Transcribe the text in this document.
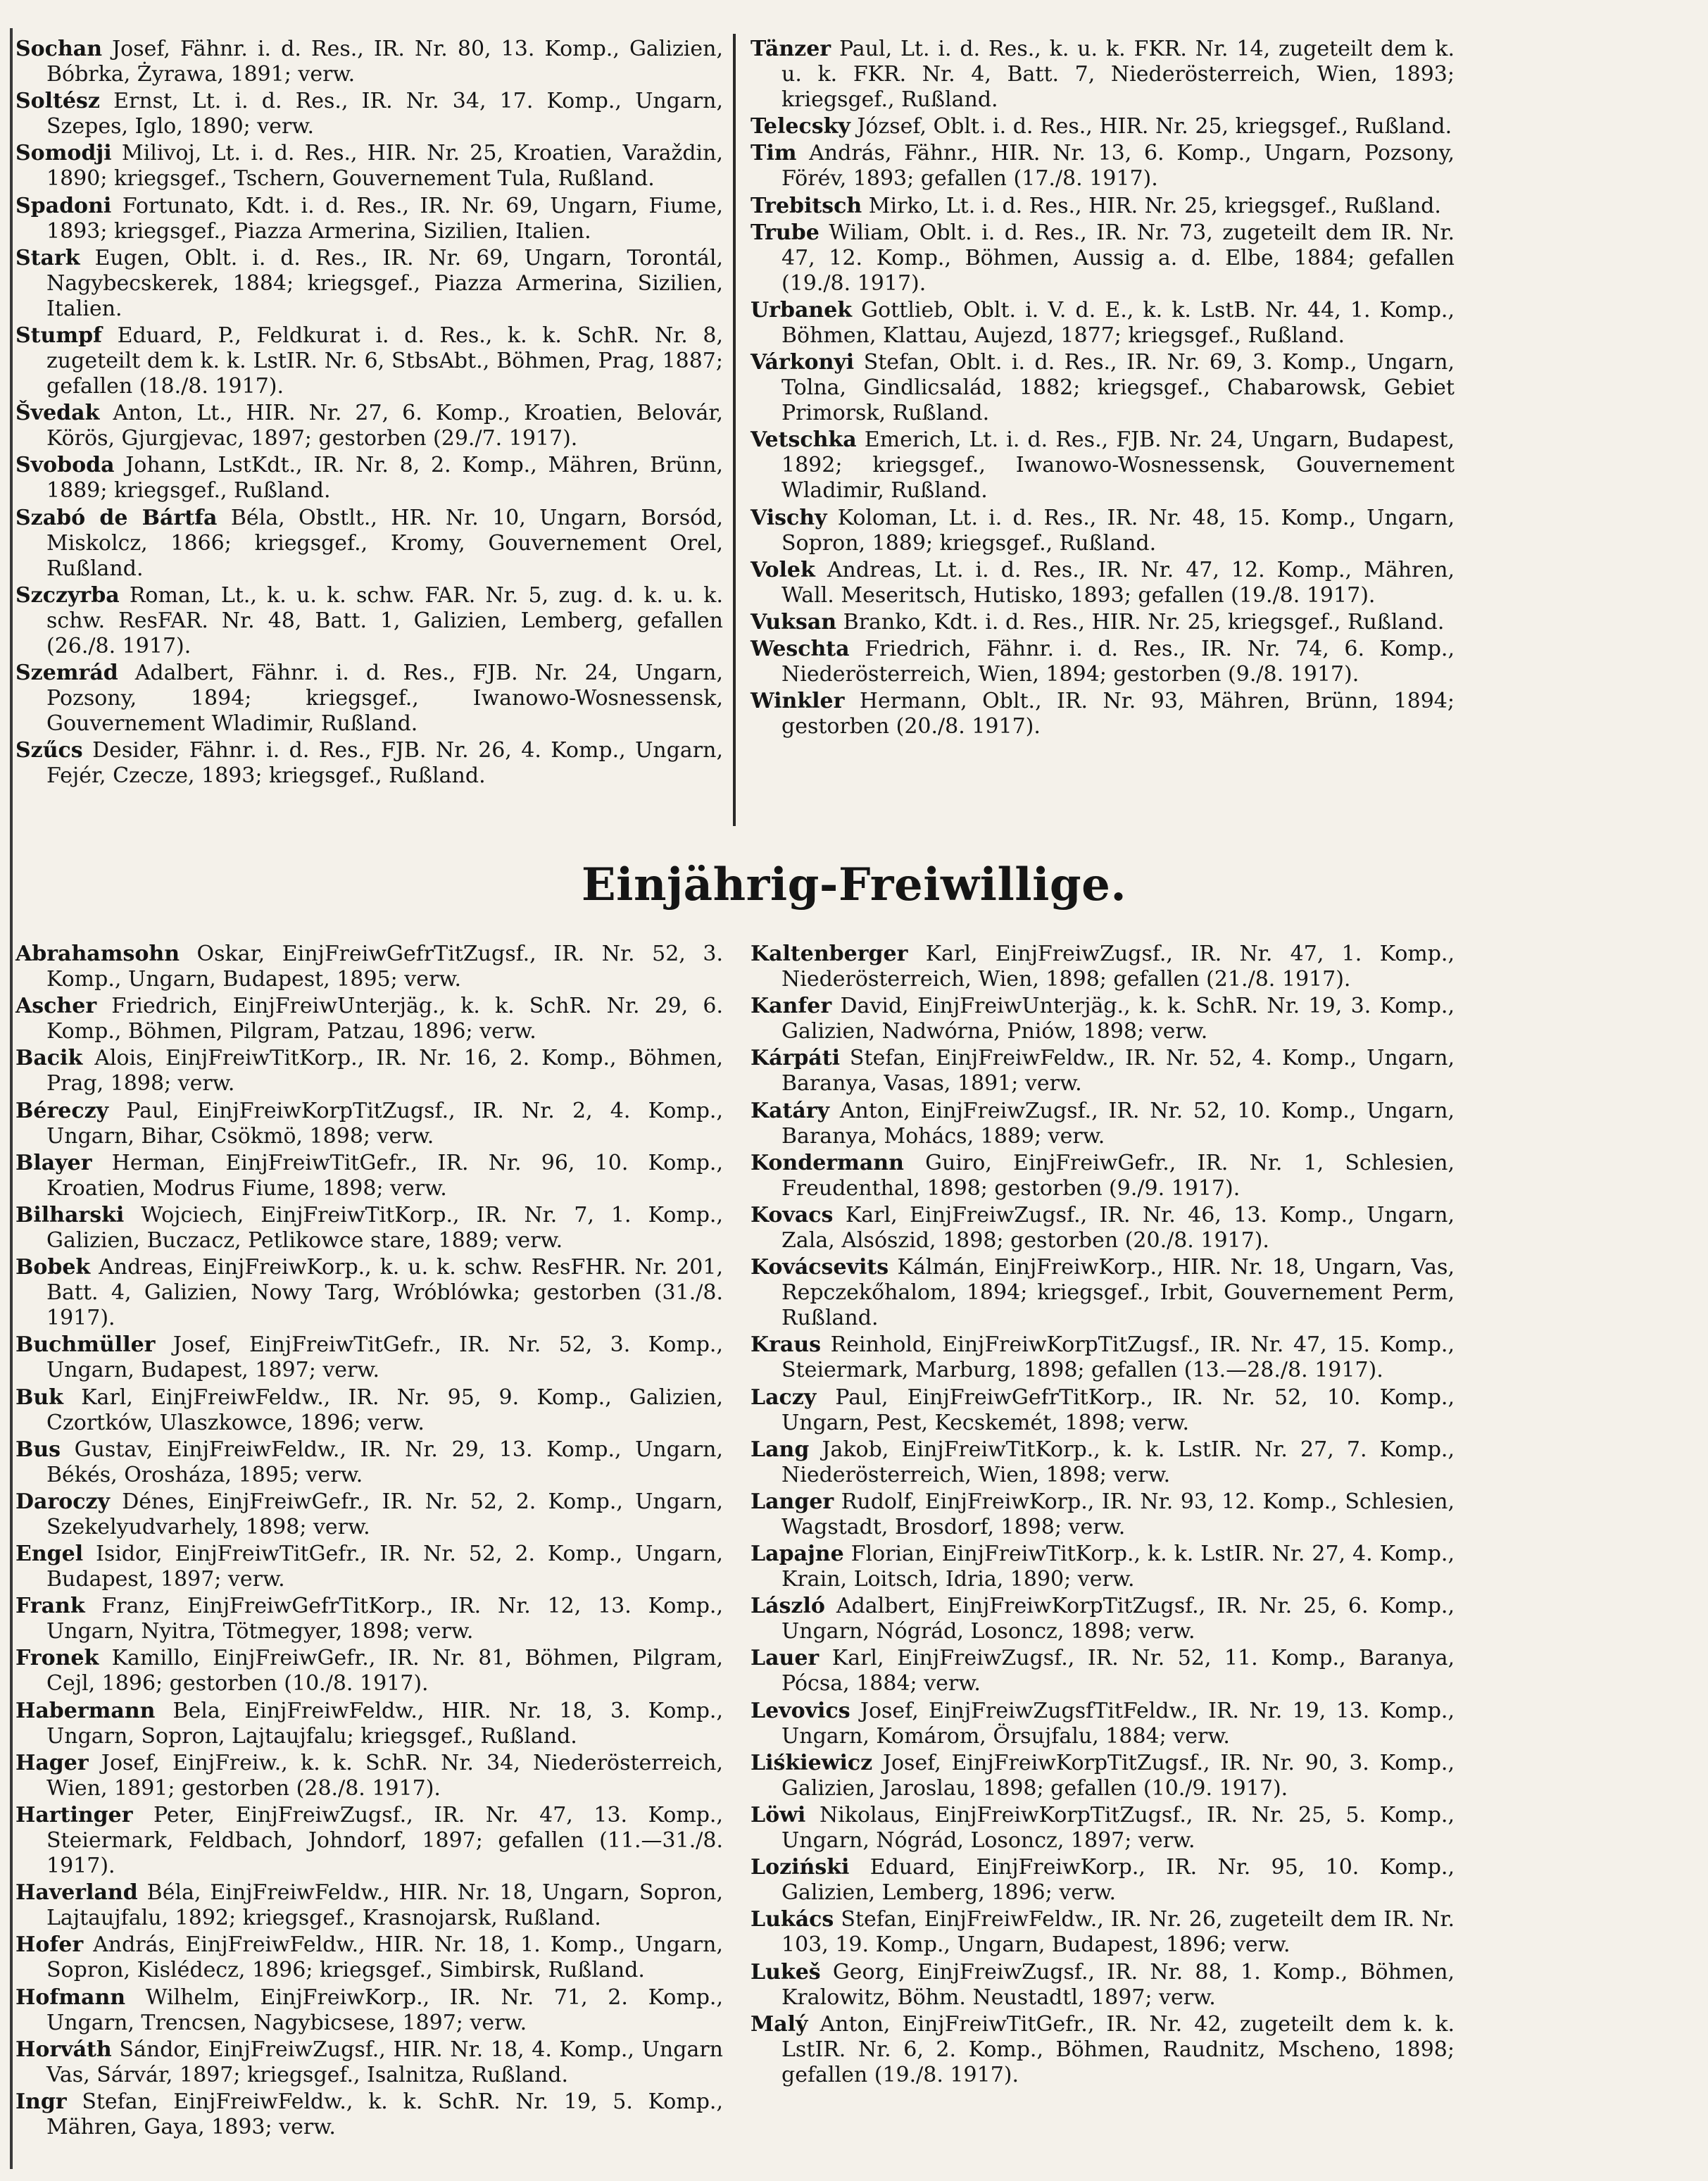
Sochan Josef, Fähnr. i. d. Res., IR. Nr. 80, 13. Komp., Galizien, Bóbrka, Żyrawa, 1891; verw.
Soltész Ernst, Lt. i. d. Res., IR. Nr. 34, 17. Komp., Ungarn, Szepes, Iglo, 1890; verw.
Somodji Milivoj, Lt. i. d. Res., HIR. Nr. 25, Kroatien, Varaždin, 1890; kriegsgef., Tschern, Gouvernement Tula, Rußland.
Spadoni Fortunato, Kdt. i. d. Res., IR. Nr. 69, Ungarn, Fiume, 1893; kriegsgef., Piazza Armerina, Sizilien, Italien.
Stark Eugen, Oblt. i. d. Res., IR. Nr. 69, Ungarn, Torontál, Nagybecskerek, 1884; kriegsgef., Piazza Armerina, Sizilien, Italien.
Stumpf Eduard, P., Feldkurat i. d. Res., k. k. SchR. Nr. 8, zugeteilt dem k. k. LstIR. Nr. 6, StbsAbt., Böhmen, Prag, 1887; gefallen (18./8. 1917).
Švedak Anton, Lt., HIR. Nr. 27, 6. Komp., Kroatien, Belovár, Körös, Gjurgjevac, 1897; gestorben (29./7. 1917).
Svoboda Johann, LstKdt., IR. Nr. 8, 2. Komp., Mähren, Brünn, 1889; kriegsgef., Rußland.
Szabó de Bártfa Béla, Obstlt., HR. Nr. 10, Ungarn, Borsód, Miskolcz, 1866; kriegsgef., Kromy, Gouvernement Orel, Rußland.
Szczyrba Roman, Lt., k. u. k. schw. FAR. Nr. 5, zug. d. k. u. k. schw. ResFAR. Nr. 48, Batt. 1, Galizien, Lemberg, gefallen (26./8. 1917).
Szemrád Adalbert, Fähnr. i. d. Res., FJB. Nr. 24, Ungarn, Pozsony, 1894; kriegsgef., Iwanowo-Wosnessensk, Gouvernement Wladimir, Rußland.
Szűcs Desider, Fähnr. i. d. Res., FJB. Nr. 26, 4. Komp., Ungarn, Fejér, Czecze, 1893; kriegsgef., Rußland.
Tänzer Paul, Lt. i. d. Res., k. u. k. FKR. Nr. 14, zugeteilt dem k. u. k. FKR. Nr. 4, Batt. 7, Niederösterreich, Wien, 1893; kriegsgef., Rußland.
Telecsky József, Oblt. i. d. Res., HIR. Nr. 25, kriegsgef., Rußland.
Tim András, Fähnr., HIR. Nr. 13, 6. Komp., Ungarn, Pozsony, Förév, 1893; gefallen (17./8. 1917).
Trebitsch Mirko, Lt. i. d. Res., HIR. Nr. 25, kriegsgef., Rußland.
Trube Wiliam, Oblt. i. d. Res., IR. Nr. 73, zugeteilt dem IR. Nr. 47, 12. Komp., Böhmen, Aussig a. d. Elbe, 1884; gefallen (19./8. 1917).
Urbanek Gottlieb, Oblt. i. V. d. E., k. k. LstB. Nr. 44, 1. Komp., Böhmen, Klattau, Aujezd, 1877; kriegsgef., Rußland.
Várkonyi Stefan, Oblt. i. d. Res., IR. Nr. 69, 3. Komp., Ungarn, Tolna, Gindlicsalád, 1882; kriegsgef., Chabarowsk, Gebiet Primorsk, Rußland.
Vetschka Emerich, Lt. i. d. Res., FJB. Nr. 24, Ungarn, Budapest, 1892; kriegsgef., Iwanowo-Wosnessensk, Gouvernement Wladimir, Rußland.
Vischy Koloman, Lt. i. d. Res., IR. Nr. 48, 15. Komp., Ungarn, Sopron, 1889; kriegsgef., Rußland.
Volek Andreas, Lt. i. d. Res., IR. Nr. 47, 12. Komp., Mähren, Wall. Meseritsch, Hutisko, 1893; gefallen (19./8. 1917).
Vuksan Branko, Kdt. i. d. Res., HIR. Nr. 25, kriegsgef., Rußland.
Weschta Friedrich, Fähnr. i. d. Res., IR. Nr. 74, 6. Komp., Niederösterreich, Wien, 1894; gestorben (9./8. 1917).
Winkler Hermann, Oblt., IR. Nr. 93, Mähren, Brünn, 1894; gestorben (20./8. 1917).
Einjährig-Freiwillige.
Abrahamsohn Oskar, EinjFreiwGefrTitZugsf., IR. Nr. 52, 3. Komp., Ungarn, Budapest, 1895; verw.
Ascher Friedrich, EinjFreiwUnterjäg., k. k. SchR. Nr. 29, 6. Komp., Böhmen, Pilgram, Patzau, 1896; verw.
Bacik Alois, EinjFreiwTitKorp., IR. Nr. 16, 2. Komp., Böhmen, Prag, 1898; verw.
Béreczy Paul, EinjFreiwKorpTitZugsf., IR. Nr. 2, 4. Komp., Ungarn, Bihar, Csökmö, 1898; verw.
Blayer Herman, EinjFreiwTitGefr., IR. Nr. 96, 10. Komp., Kroatien, Modrus Fiume, 1898; verw.
Bilharski Wojciech, EinjFreiwTitKorp., IR. Nr. 7, 1. Komp., Galizien, Buczacz, Petlikowce stare, 1889; verw.
Bobek Andreas, EinjFreiwKorp., k. u. k. schw. ResFHR. Nr. 201, Batt. 4, Galizien, Nowy Targ, Wróblówka; gestorben (31./8. 1917).
Buchmüller Josef, EinjFreiwTitGefr., IR. Nr. 52, 3. Komp., Ungarn, Budapest, 1897; verw.
Buk Karl, EinjFreiwFeldw., IR. Nr. 95, 9. Komp., Galizien, Czortków, Ulaszkowce, 1896; verw.
Bus Gustav, EinjFreiwFeldw., IR. Nr. 29, 13. Komp., Ungarn, Békés, Orosháza, 1895; verw.
Daroczy Dénes, EinjFreiwGefr., IR. Nr. 52, 2. Komp., Ungarn, Szekelyudvarhely, 1898; verw.
Engel Isidor, EinjFreiwTitGefr., IR. Nr. 52, 2. Komp., Ungarn, Budapest, 1897; verw.
Frank Franz, EinjFreiwGefrTitKorp., IR. Nr. 12, 13. Komp., Ungarn, Nyitra, Tötmegyer, 1898; verw.
Fronek Kamillo, EinjFreiwGefr., IR. Nr. 81, Böhmen, Pilgram, Cejl, 1896; gestorben (10./8. 1917).
Habermann Bela, EinjFreiwFeldw., HIR. Nr. 18, 3. Komp., Ungarn, Sopron, Lajtaujfalu; kriegsgef., Rußland.
Hager Josef, EinjFreiw., k. k. SchR. Nr. 34, Niederösterreich, Wien, 1891; gestorben (28./8. 1917).
Hartinger Peter, EinjFreiwZugsf., IR. Nr. 47, 13. Komp., Steiermark, Feldbach, Johndorf, 1897; gefallen (11.—31./8. 1917).
Haverland Béla, EinjFreiwFeldw., HIR. Nr. 18, Ungarn, Sopron, Lajtaujfalu, 1892; kriegsgef., Krasnojarsk, Rußland.
Hofer András, EinjFreiwFeldw., HIR. Nr. 18, 1. Komp., Ungarn, Sopron, Kislédecz, 1896; kriegsgef., Simbirsk, Rußland.
Hofmann Wilhelm, EinjFreiwKorp., IR. Nr. 71, 2. Komp., Ungarn, Trencsen, Nagybicsese, 1897; verw.
Horváth Sándor, EinjFreiwZugsf., HIR. Nr. 18, 4. Komp., Ungarn Vas, Sárvár, 1897; kriegsgef., Isalnitza, Rußland.
Ingr Stefan, EinjFreiwFeldw., k. k. SchR. Nr. 19, 5. Komp., Mähren, Gaya, 1893; verw.
Kaltenberger Karl, EinjFreiwZugsf., IR. Nr. 47, 1. Komp., Niederösterreich, Wien, 1898; gefallen (21./8. 1917).
Kanfer David, EinjFreiwUnterjäg., k. k. SchR. Nr. 19, 3. Komp., Galizien, Nadwórna, Pniów, 1898; verw.
Kárpáti Stefan, EinjFreiwFeldw., IR. Nr. 52, 4. Komp., Ungarn, Baranya, Vasas, 1891; verw.
Katáry Anton, EinjFreiwZugsf., IR. Nr. 52, 10. Komp., Ungarn, Baranya, Mohács, 1889; verw.
Kondermann Guiro, EinjFreiwGefr., IR. Nr. 1, Schlesien, Freudenthal, 1898; gestorben (9./9. 1917).
Kovacs Karl, EinjFreiwZugsf., IR. Nr. 46, 13. Komp., Ungarn, Zala, Alsószid, 1898; gestorben (20./8. 1917).
Kovácsevits Kálmán, EinjFreiwKorp., HIR. Nr. 18, Ungarn, Vas, Repczekőhalom, 1894; kriegsgef., Irbit, Gouvernement Perm, Rußland.
Kraus Reinhold, EinjFreiwKorpTitZugsf., IR. Nr. 47, 15. Komp., Steiermark, Marburg, 1898; gefallen (13.—28./8. 1917).
Laczy Paul, EinjFreiwGefrTitKorp., IR. Nr. 52, 10. Komp., Ungarn, Pest, Kecskemét, 1898; verw.
Lang Jakob, EinjFreiwTitKorp., k. k. LstIR. Nr. 27, 7. Komp., Niederösterreich, Wien, 1898; verw.
Langer Rudolf, EinjFreiwKorp., IR. Nr. 93, 12. Komp., Schlesien, Wagstadt, Brosdorf, 1898; verw.
Lapajne Florian, EinjFreiwTitKorp., k. k. LstIR. Nr. 27, 4. Komp., Krain, Loitsch, Idria, 1890; verw.
László Adalbert, EinjFreiwKorpTitZugsf., IR. Nr. 25, 6. Komp., Ungarn, Nógrád, Losoncz, 1898; verw.
Lauer Karl, EinjFreiwZugsf., IR. Nr. 52, 11. Komp., Baranya, Pócsa, 1884; verw.
Levovics Josef, EinjFreiwZugsfTitFeldw., IR. Nr. 19, 13. Komp., Ungarn, Komárom, Örsujfalu, 1884; verw.
Liśkiewicz Josef, EinjFreiwKorpTitZugsf., IR. Nr. 90, 3. Komp., Galizien, Jaroslau, 1898; gefallen (10./9. 1917).
Löwi Nikolaus, EinjFreiwKorpTitZugsf., IR. Nr. 25, 5. Komp., Ungarn, Nógrád, Losoncz, 1897; verw.
Loziński Eduard, EinjFreiwKorp., IR. Nr. 95, 10. Komp., Galizien, Lemberg, 1896; verw.
Lukács Stefan, EinjFreiwFeldw., IR. Nr. 26, zugeteilt dem IR. Nr. 103, 19. Komp., Ungarn, Budapest, 1896; verw.
Lukeš Georg, EinjFreiwZugsf., IR. Nr. 88, 1. Komp., Böhmen, Kralowitz, Böhm. Neustadtl, 1897; verw.
Malý Anton, EinjFreiwTitGefr., IR. Nr. 42, zugeteilt dem k. k. LstIR. Nr. 6, 2. Komp., Böhmen, Raudnitz, Mscheno, 1898; gefallen (19./8. 1917).
